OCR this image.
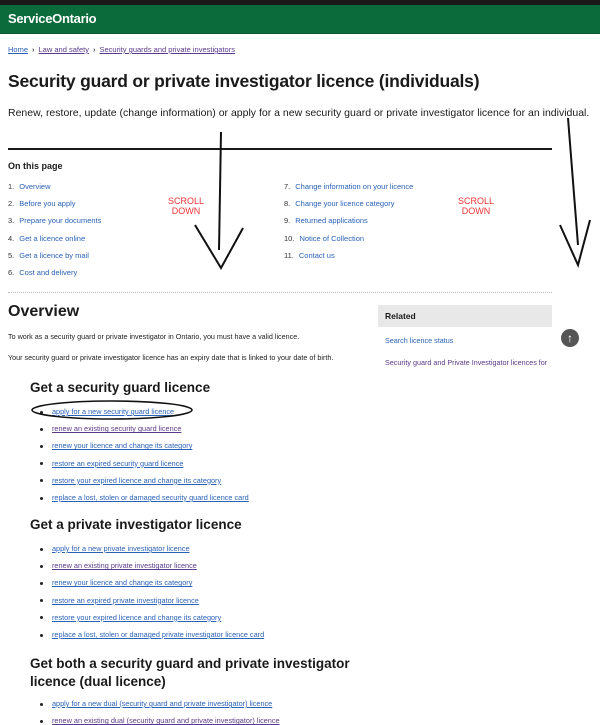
ServiceOntario
Home › Law and safety › Security guards and private investigators
Security guard or private investigator licence (individuals)

Renew, restore, update (change information) or apply for a new security guard or private investigator licence for an individual.

On this page
1. Overview
2. Before you apply
3. Prepare your documents
4. Get a licence online
5. Get a licence by mail
6. Cost and delivery
7. Change information on your licence
8. Change your licence category
9. Returned applications
10. Notice of Collection
11. Contact us
SCROLL DOWN
SCROLL DOWN
Overview

To work as a security guard or private investigator in Ontario, you must have a valid licence.

Your security guard or private investigator licence has an expiry date that is linked to your date of birth.

Related
Search licence status
Security guard and Private Investigator licences for
↑
Get a security guard licence
apply for a new security guard licence
renew an existing security guard licence
renew your licence and change its category
restore an expired security guard licence
restore your expired licence and change its category
replace a lost, stolen or damaged security guard licence card
Get a private investigator licence
apply for a new private investigator licence
renew an existing private investigator licence
renew your licence and change its category
restore an expired private investigator licence
restore your expired licence and change its category
replace a lost, stolen or damaged private investigator licence card
Get both a security guard and private investigator licence (dual licence)
apply for a new dual (security guard and private investigator) licence
renew an existing dual (security guard and private investigator) licence
